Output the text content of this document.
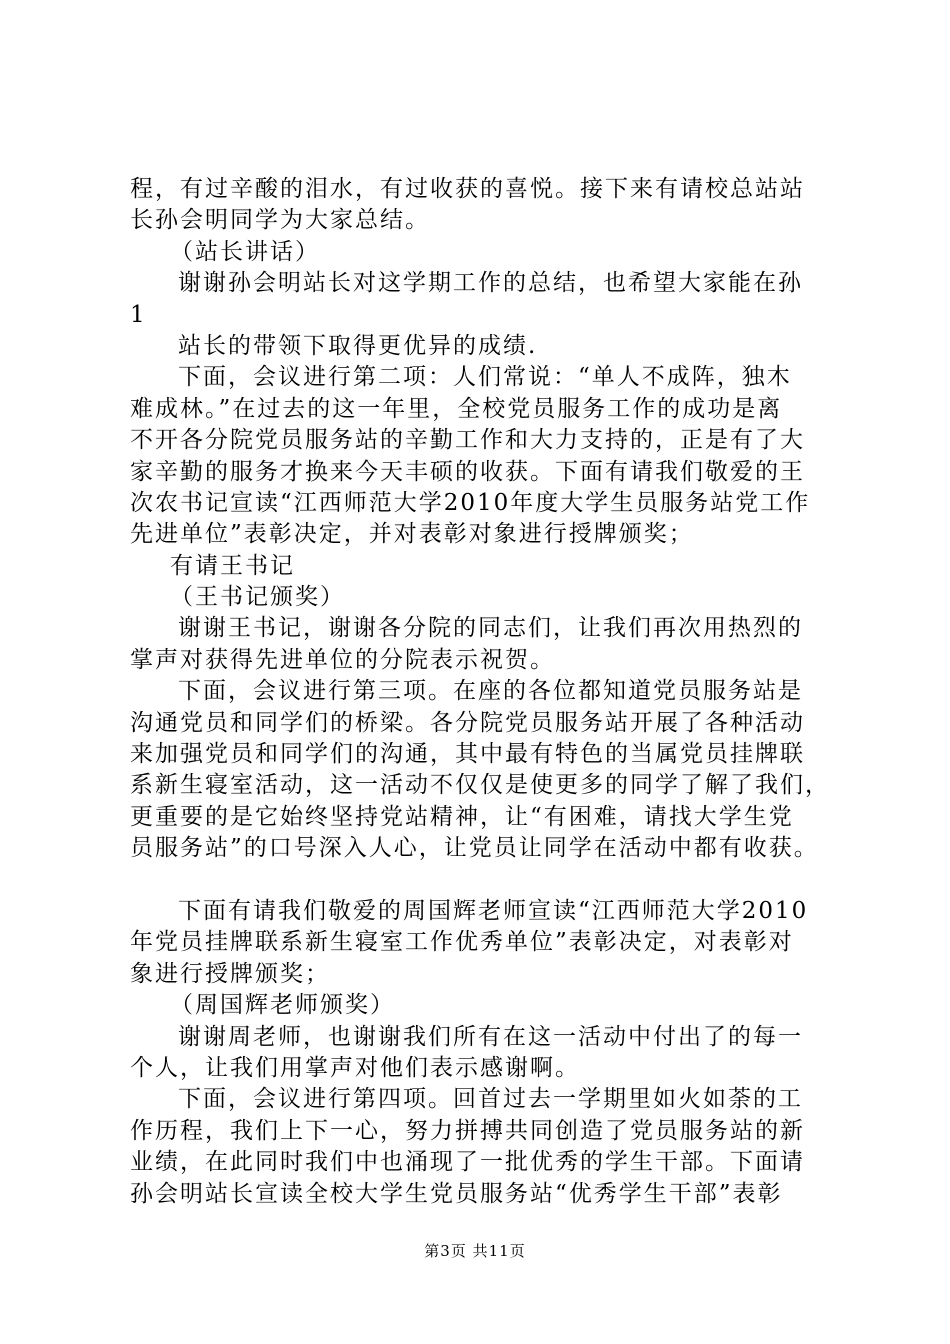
程，有过辛酸的泪水，有过收获的喜悦。接下来有请校总站站
长孙会明同学为大家总结。
（站长讲话）
谢谢孙会明站长对这学期工作的总结，也希望大家能在孙
1
站长的带领下取得更优异的成绩.
下面，会议进行第二项：人们常说：“单人不成阵，独木
难成林。”在过去的这一年里，全校党员服务工作的成功是离
不开各分院党员服务站的辛勤工作和大力支持的，正是有了大
家辛勤的服务才换来今天丰硕的收获。下面有请我们敬爱的王
次农书记宣读“江西师范大学2010年度大学生员服务站党工作
先进单位”表彰决定，并对表彰对象进行授牌颁奖；
有请王书记
（王书记颁奖）
谢谢王书记，谢谢各分院的同志们，让我们再次用热烈的
掌声对获得先进单位的分院表示祝贺。
下面，会议进行第三项。在座的各位都知道党员服务站是
沟通党员和同学们的桥梁。各分院党员服务站开展了各种活动
来加强党员和同学们的沟通，其中最有特色的当属党员挂牌联
系新生寝室活动，这一活动不仅仅是使更多的同学了解了我们，
更重要的是它始终坚持党站精神，让“有困难，请找大学生党
员服务站”的口号深入人心，让党员让同学在活动中都有收获。
下面有请我们敬爱的周国辉老师宣读“江西师范大学2010
年党员挂牌联系新生寝室工作优秀单位”表彰决定，对表彰对
象进行授牌颁奖；
（周国辉老师颁奖）
谢谢周老师，也谢谢我们所有在这一活动中付出了的每一
个人，让我们用掌声对他们表示感谢啊。
下面，会议进行第四项。回首过去一学期里如火如荼的工
作历程，我们上下一心，努力拼搏共同创造了党员服务站的新
业绩，在此同时我们中也涌现了一批优秀的学生干部。下面请
孙会明站长宣读全校大学生党员服务站“优秀学生干部”表彰
第3页 共11页
